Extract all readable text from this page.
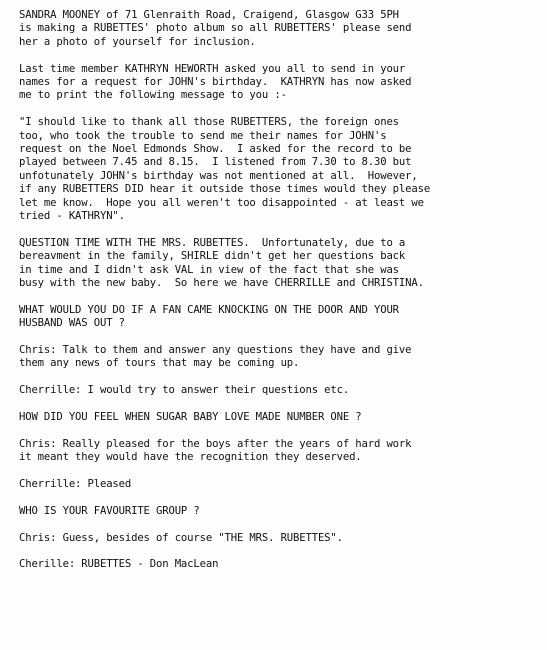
SANDRA MOONEY of 71 Glenraith Road, Craigend, Glasgow G33 5PH
is making a RUBETTES' photo album so all RUBETTERS' please send
her a photo of yourself for inclusion.
Last time member KATHRYN HEWORTH asked you all to send in your
names for a request for JOHN's birthday.  KATHRYN has now asked
me to print the following message to you :-
"I should like to thank all those RUBETTERS, the foreign ones
too, who took the trouble to send me their names for JOHN's
request on the Noel Edmonds Show.  I asked for the record to be
played between 7.45 and 8.15.  I listened from 7.30 to 8.30 but
unfotunately JOHN's birthday was not mentioned at all.  However,
if any RUBETTERS DID hear it outside those times would they please
let me know.  Hope you all weren't too disappointed - at least we
tried - KATHRYN".
QUESTION TIME WITH THE MRS. RUBETTES.  Unfortunately, due to a
bereavment in the family, SHIRLE didn't get her questions back
in time and I didn't ask VAL in view of the fact that she was
busy with the new baby.  So here we have CHERRILLE and CHRISTINA.
WHAT WOULD YOU DO IF A FAN CAME KNOCKING ON THE DOOR AND YOUR
HUSBAND WAS OUT ?
Chris: Talk to them and answer any questions they have and give
them any news of tours that may be coming up.
Cherrille: I would try to answer their questions etc.
HOW DID YOU FEEL WHEN SUGAR BABY LOVE MADE NUMBER ONE ?
Chris: Really pleased for the boys after the years of hard work
it meant they would have the recognition they deserved.
Cherrille: Pleased
WHO IS YOUR FAVOURITE GROUP ?
Chris: Guess, besides of course "THE MRS. RUBETTES".
Cherille: RUBETTES - Don MacLean
